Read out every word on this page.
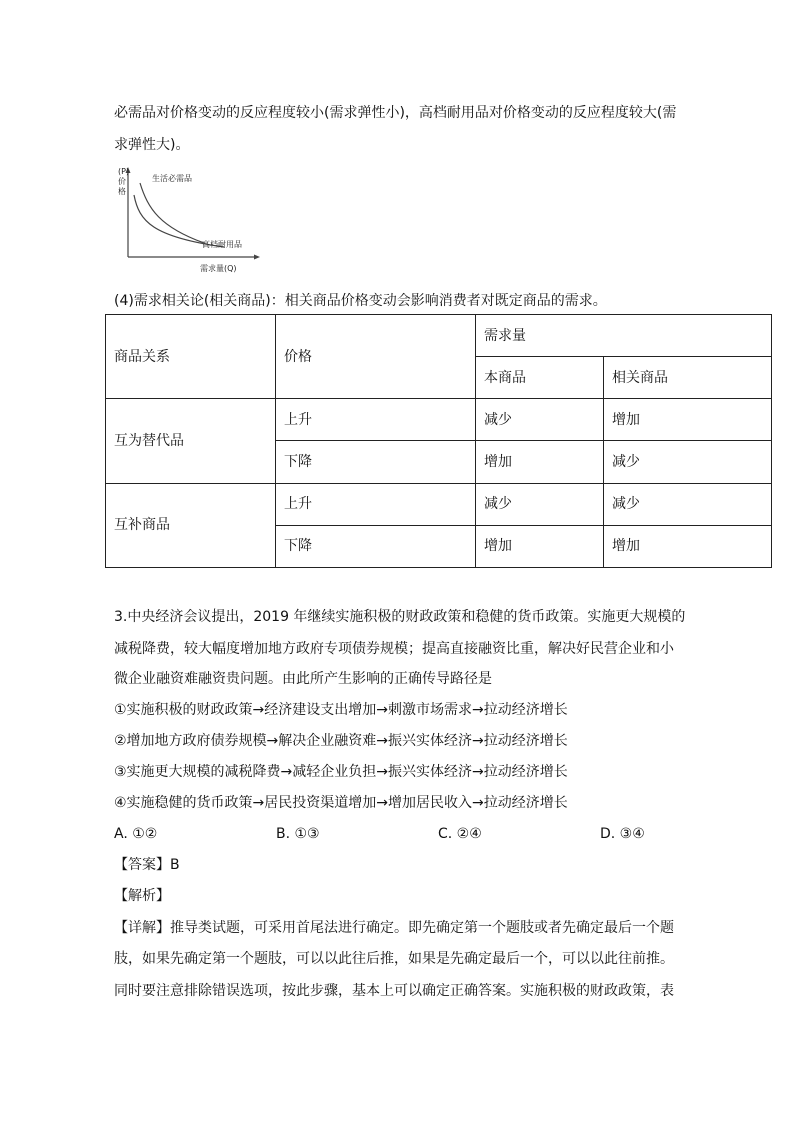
必需品对价格变动的反应程度较小(需求弹性小)，高档耐用品对价格变动的反应程度较大(需
求弹性大)。
(P)
价
格
生活必需品
高档耐用品
需求量(Q)
(4)需求相关论(相关商品)：相关商品价格变动会影响消费者对既定商品的需求。
商品关系	价格	需求量	
		本商品	相关商品
互为替代品	上升	减少	增加
	下降	增加	减少
互补商品	上升	减少	减少
	下降	增加	增加
3.中央经济会议提出，2019 年继续实施积极的财政政策和稳健的货币政策。实施更大规模的
减税降费，较大幅度增加地方政府专项债券规模；提高直接融资比重，解决好民营企业和小
微企业融资难融资贵问题。由此所产生影响的正确传导路径是
①实施积极的财政政策→经济建设支出增加→刺激市场需求→拉动经济增长
②增加地方政府债券规模→解决企业融资难→振兴实体经济→拉动经济增长
③实施更大规模的减税降费→减轻企业负担→振兴实体经济→拉动经济增长
④实施稳健的货币政策→居民投资渠道增加→增加居民收入→拉动经济增长
A. ①②	B. ①③	C. ②④	D. ③④
【答案】B
【解析】
【详解】推导类试题，可采用首尾法进行确定。即先确定第一个题肢或者先确定最后一个题
肢，如果先确定第一个题肢，可以以此往后推，如果是先确定最后一个，可以以此往前推。
同时要注意排除错误选项，按此步骤，基本上可以确定正确答案。实施积极的财政政策，表
